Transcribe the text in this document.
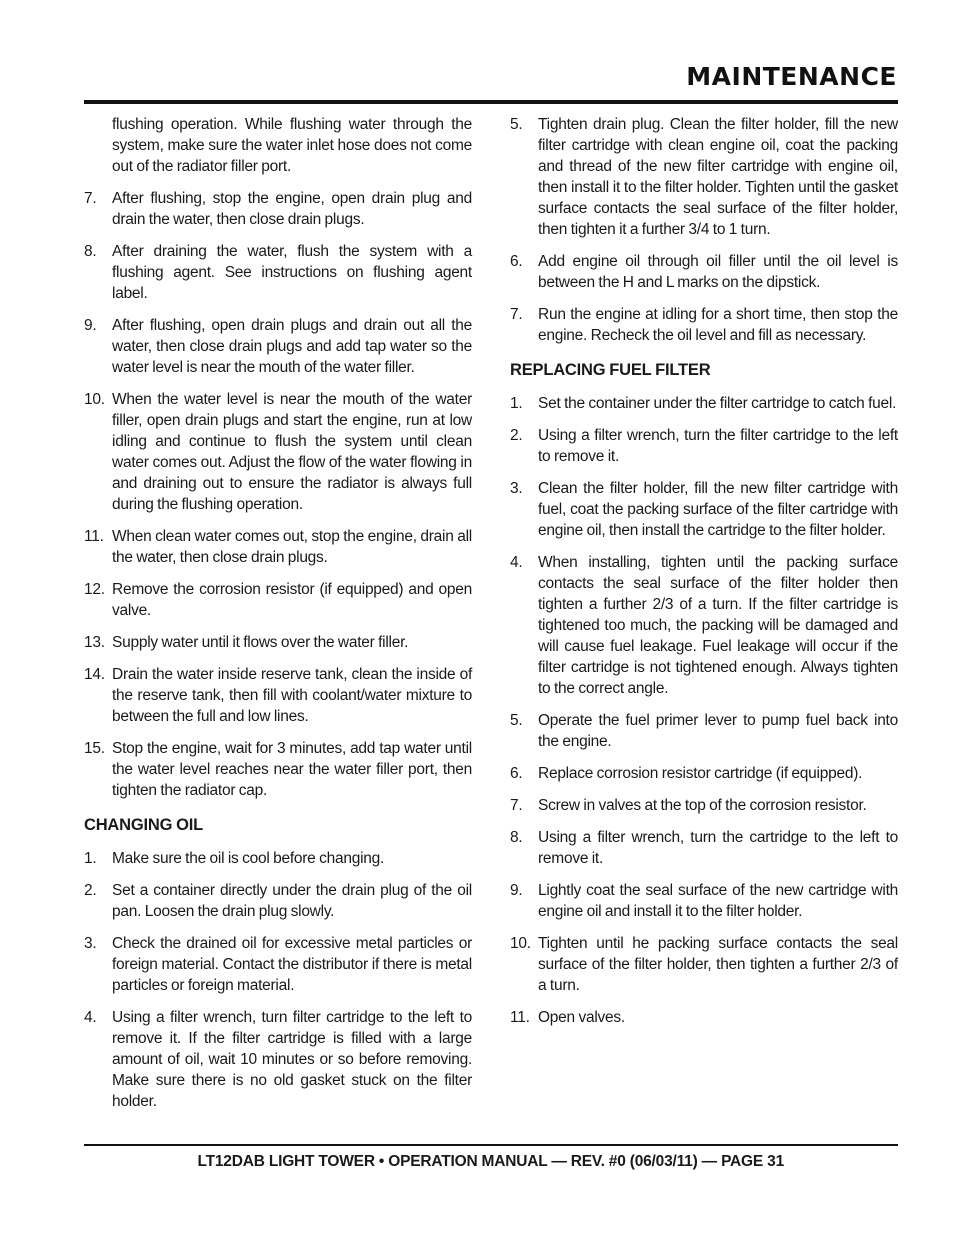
MAINTENANCE

flushing operation. While flushing water through the system, make sure the water inlet hose does not come out of the radiator filler port.

7. After flushing, stop the engine, open drain plug and drain the water, then close drain plugs.
8. After draining the water, flush the system with a flushing agent. See instructions on flushing agent label.
9. After flushing, open drain plugs and drain out all the water, then close drain plugs and add tap water so the water level is near the mouth of the water filler.
10. When the water level is near the mouth of the water filler, open drain plugs and start the engine, run at low idling and continue to flush the system until clean water comes out. Adjust the flow of the water flowing in and draining out to ensure the radiator is always full during the flushing operation.
11. When clean water comes out, stop the engine, drain all the water, then close drain plugs.
12. Remove the corrosion resistor (if equipped) and open valve.
13. Supply water until it flows over the water filler.
14. Drain the water inside reserve tank, clean the inside of the reserve tank, then fill with coolant/water mixture to between the full and low lines.
15. Stop the engine, wait for 3 minutes, add tap water until the water level reaches near the water filler port, then tighten the radiator cap.
CHANGING OIL
1. Make sure the oil is cool before changing.
2. Set a container directly under the drain plug of the oil pan. Loosen the drain plug slowly.
3. Check the drained oil for excessive metal particles or foreign material. Contact the distributor if there is metal particles or foreign material.
4. Using a filter wrench, turn filter cartridge to the left to remove it. If the filter cartridge is filled with a large amount of oil, wait 10 minutes or so before removing. Make sure there is no old gasket stuck on the filter holder.
5. Tighten drain plug. Clean the filter holder, fill the new filter cartridge with clean engine oil, coat the packing and thread of the new filter cartridge with engine oil, then install it to the filter holder. Tighten until the gasket surface contacts the seal surface of the filter holder, then tighten it a further 3/4 to 1 turn.
6. Add engine oil through oil filler until the oil level is between the H and L marks on the dipstick.
7. Run the engine at idling for a short time, then stop the engine. Recheck the oil level and fill as necessary.
REPLACING FUEL FILTER
1. Set the container under the filter cartridge to catch fuel.
2. Using a filter wrench, turn the filter cartridge to the left to remove it.
3. Clean the filter holder, fill the new filter cartridge with fuel, coat the packing surface of the filter cartridge with engine oil, then install the cartridge to the filter holder.
4. When installing, tighten until the packing surface contacts the seal surface of the filter holder then tighten a further 2/3 of a turn. If the filter cartridge is tightened too much, the packing will be damaged and will cause fuel leakage. Fuel leakage will occur if the filter cartridge is not tightened enough. Always tighten to the correct angle.
5. Operate the fuel primer lever to pump fuel back into the engine.
6. Replace corrosion resistor cartridge (if equipped).
7. Screw in valves at the top of the corrosion resistor.
8. Using a filter wrench, turn the cartridge to the left to remove it.
9. Lightly coat the seal surface of the new cartridge with engine oil and install it to the filter holder.
10. Tighten until he packing surface contacts the seal surface of the filter holder, then tighten a further 2/3 of a turn.
11. Open valves.
LT12DAB LIGHT TOWER • OPERATION MANUAL — REV. #0 (06/03/11) — PAGE 31
